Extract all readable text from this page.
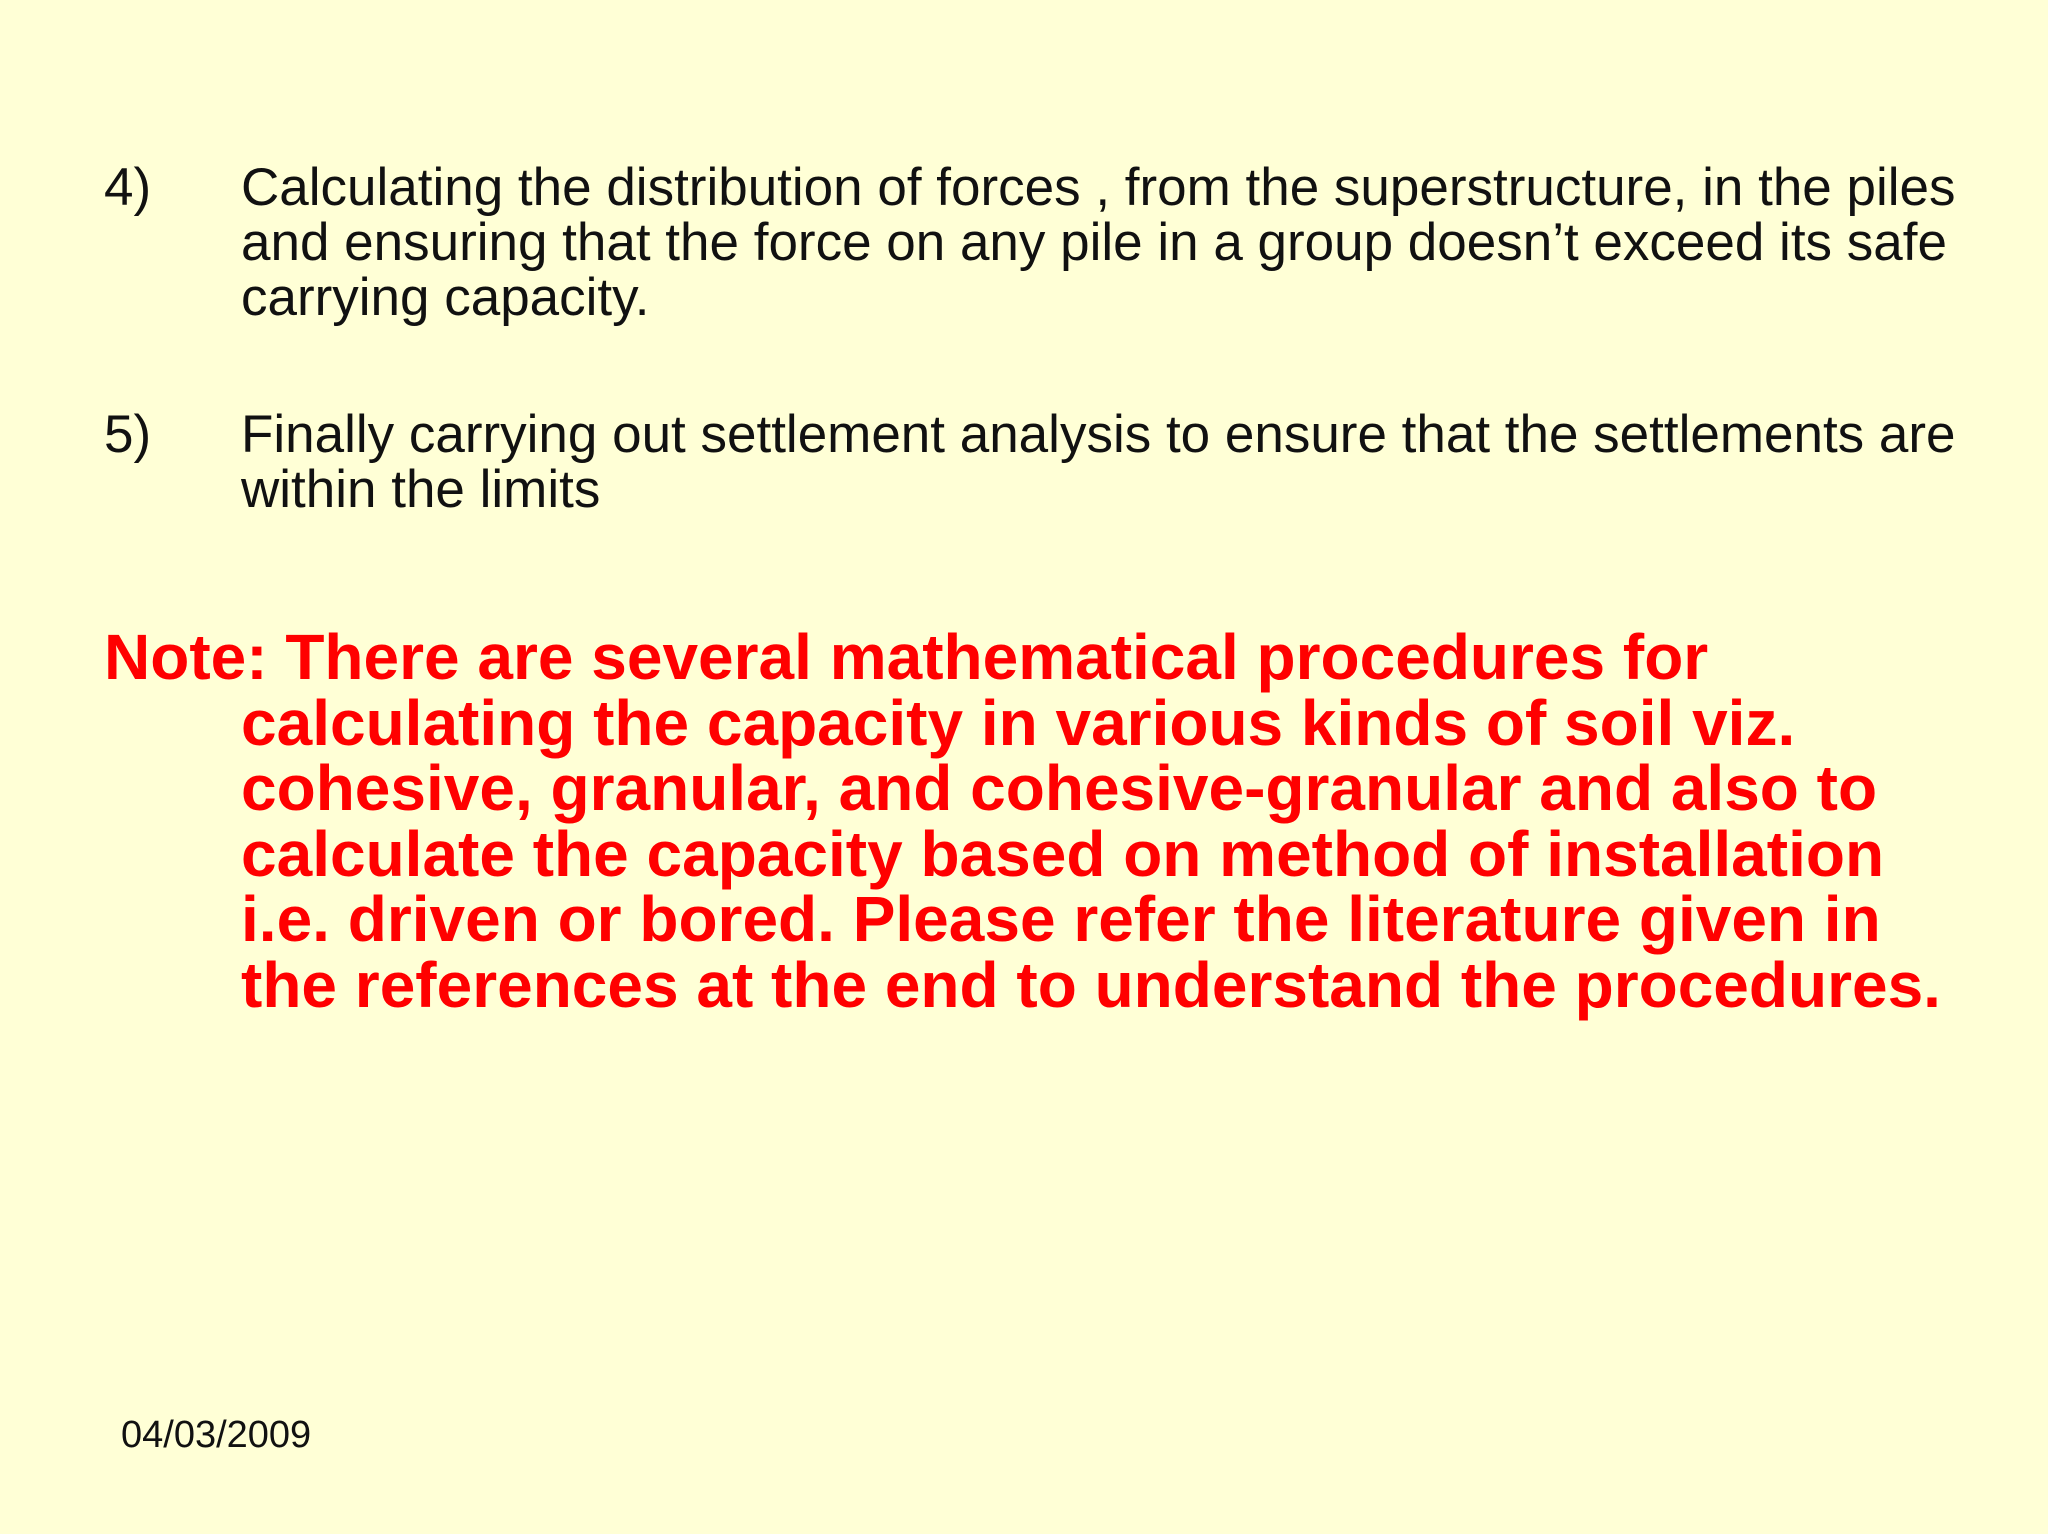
4) Calculating the distribution of forces , from the superstructure, in the piles and ensuring that the force on any pile in a group doesn’t exceed its safe carrying capacity.
5) Finally carrying out settlement analysis to ensure that the settlements are within the limits
Note: There are several mathematical procedures for calculating the capacity in various kinds of soil viz. cohesive, granular, and cohesive-granular and also to calculate the capacity based on method of installation i.e. driven or bored. Please refer the literature given in the references at the end to understand the procedures.
04/03/2009
